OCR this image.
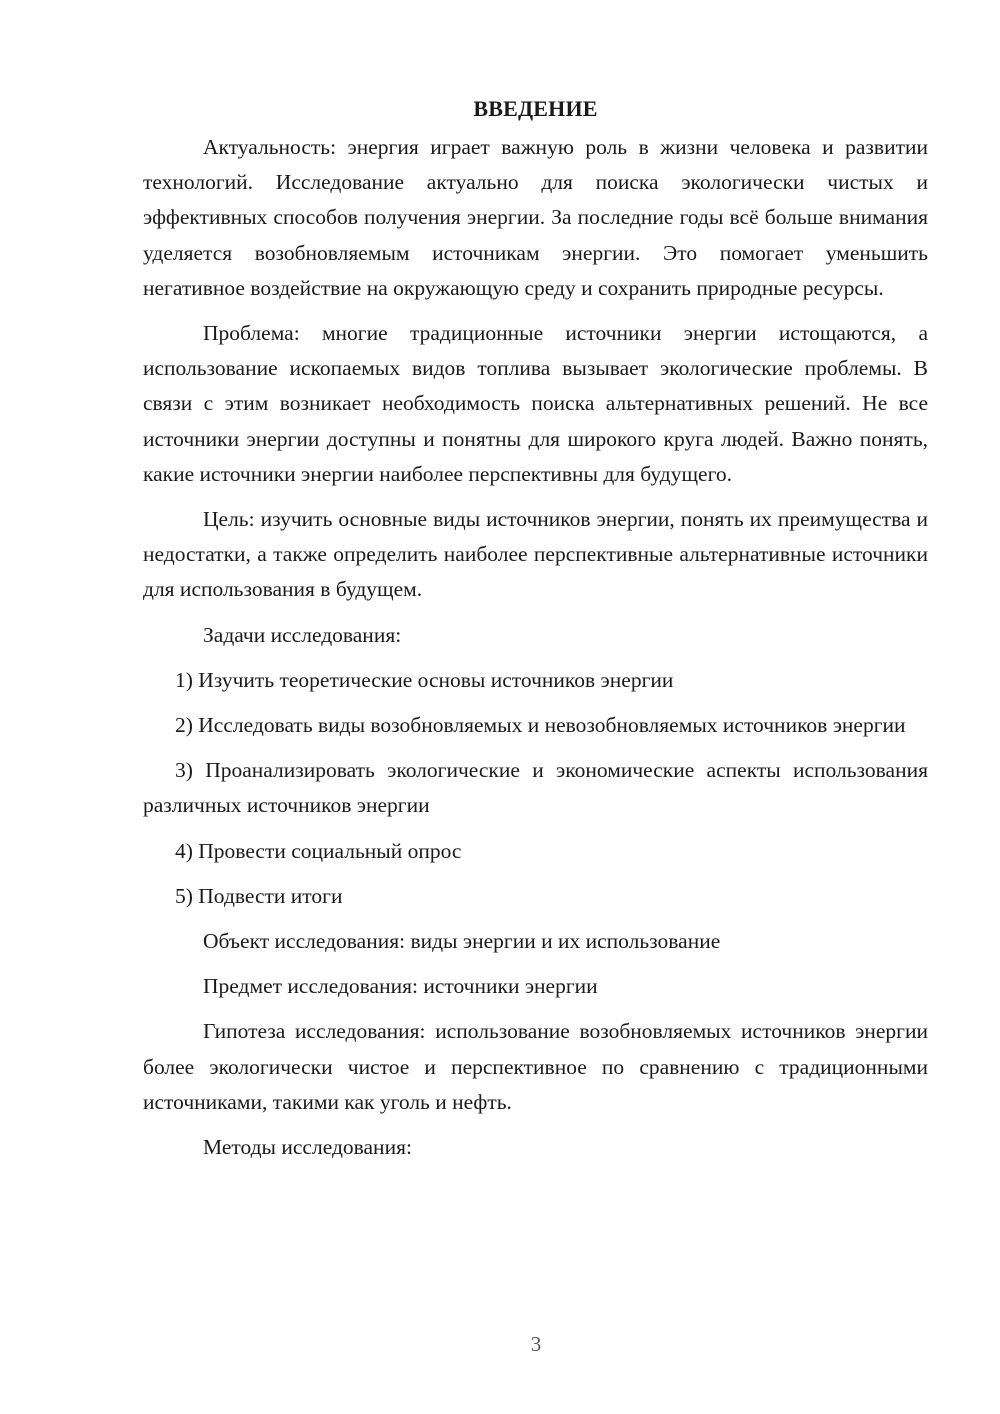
ВВЕДЕНИЕ

Актуальность: энергия играет важную роль в жизни человека и развитии технологий. Исследование актуально для поиска экологически чистых и эффективных способов получения энергии. За последние годы всё больше внимания уделяется возобновляемым источникам энергии. Это помогает уменьшить негативное воздействие на окружающую среду и сохранить природные ресурсы.

Проблема: многие традиционные источники энергии истощаются, а использование ископаемых видов топлива вызывает экологические проблемы. В связи с этим возникает необходимость поиска альтернативных решений. Не все источники энергии доступны и понятны для широкого круга людей. Важно понять, какие источники энергии наиболее перспективны для будущего.

Цель: изучить основные виды источников энергии, понять их преимущества и недостатки, а также определить наиболее перспективные альтернативные источники для использования в будущем.

Задачи исследования:

1) Изучить теоретические основы источников энергии

2) Исследовать виды возобновляемых и невозобновляемых источников энергии

3) Проанализировать экологические и экономические аспекты использования различных источников энергии

4) Провести социальный опрос

5) Подвести итоги

Объект исследования: виды энергии и их использование

Предмет исследования: источники энергии

Гипотеза исследования: использование возобновляемых источников энергии более экологически чистое и перспективное по сравнению с традиционными источниками, такими как уголь и нефть.

Методы исследования:

3
